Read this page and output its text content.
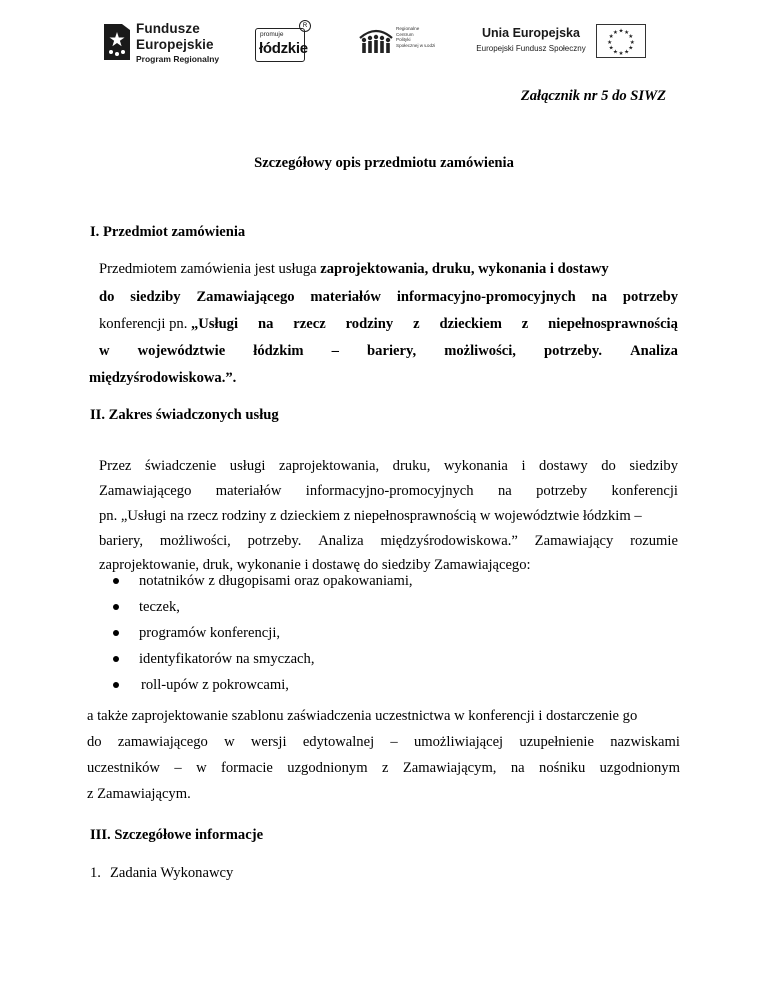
Fundusze
Europejskie
Program Regionalny
promuje
łódzkie
R	Regionalne
Centrum
Polityki
Społecznej w Łodzi
Unia Europejska
Europejski Fundusz Społeczny
★ ★
★
★
★
★
★
★
★
★
★
★
Załącznik nr 5 do SIWZ
Szczegółowy opis przedmiotu zamówienia
I. Przedmiot zamówienia
Przedmiotem zamówienia jest usługa zaprojektowania, druku, wykonania i dostawy
do siedziby Zamawiającego materiałów informacyjno-promocyjnych na potrzeby
konferencji pn. „Usługi na rzecz rodziny z dzieckiem z niepełnosprawnością
w województwie łódzkim – bariery, możliwości, potrzeby. Analiza
międzyśrodowiskowa.”.
II. Zakres świadczonych usług
Przez świadczenie usługi zaprojektowania, druku, wykonania i dostawy do siedziby
Zamawiającego materiałów informacyjno-promocyjnych na potrzeby konferencji
pn. „Usługi na rzecz rodziny z dzieckiem z niepełnosprawnością w województwie łódzkim –
bariery, możliwości, potrzeby. Analiza międzyśrodowiskowa.” Zamawiający rozumie
zaprojektowanie, druk, wykonanie i dostawę do siedziby Zamawiającego:
notatników z długopisami oraz opakowaniami,
teczek,
programów konferencji,
identyfikatorów na smyczach,
roll-upów z pokrowcami,
a także zaprojektowanie szablonu zaświadczenia uczestnictwa w konferencji i dostarczenie go
do zamawiającego w wersji edytowalnej – umożliwiającej uzupełnienie nazwiskami
uczestników – w formacie uzgodnionym z Zamawiającym, na nośniku uzgodnionym
z Zamawiającym.
III. Szczegółowe informacje
1. Zadania Wykonawcy
